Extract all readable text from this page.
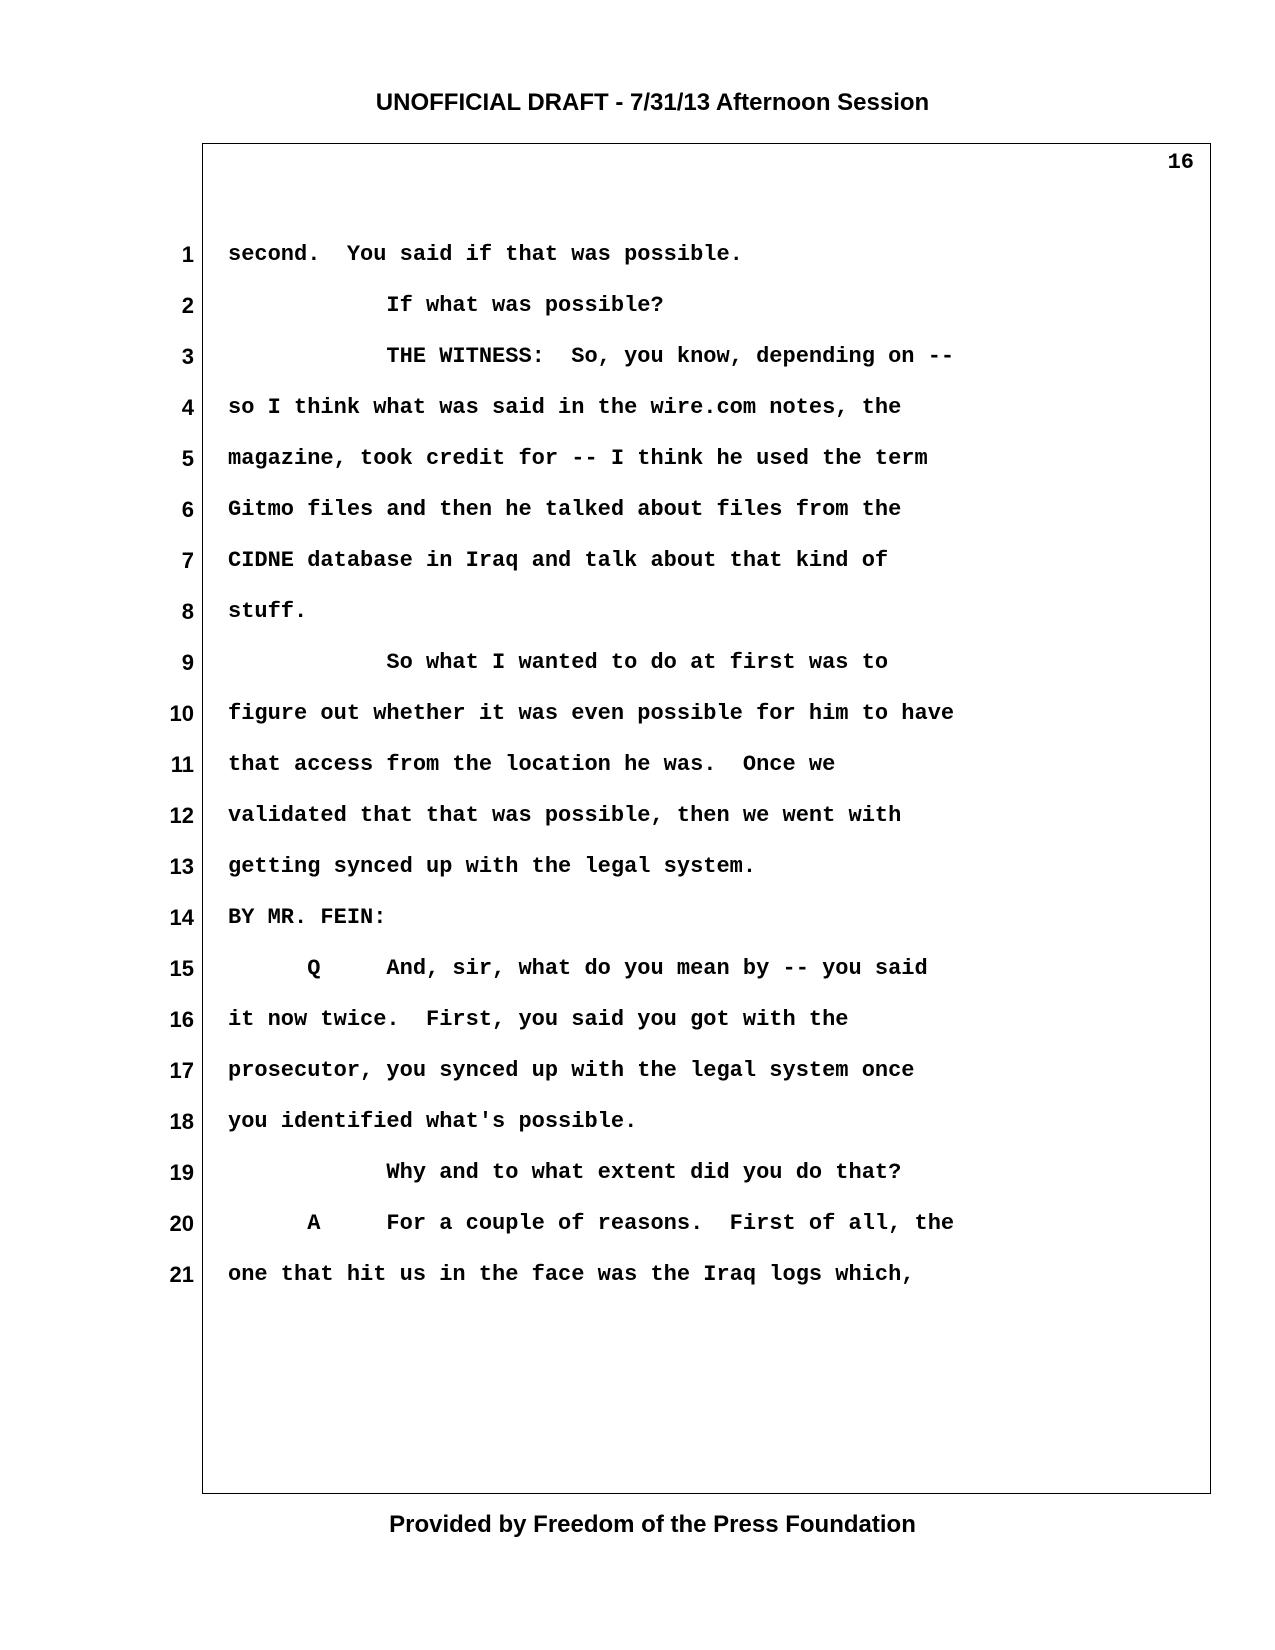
UNOFFICIAL DRAFT - 7/31/13 Afternoon Session
16
1 second.  You said if that was possible.
2 If what was possible?
3 THE WITNESS:  So, you know, depending on --
4 so I think what was said in the wire.com notes, the
5 magazine, took credit for -- I think he used the term
6 Gitmo files and then he talked about files from the
7 CIDNE database in Iraq and talk about that kind of
8 stuff.
9 So what I wanted to do at first was to
10 figure out whether it was even possible for him to have
11 that access from the location he was.  Once we
12 validated that that was possible, then we went with
13 getting synced up with the legal system.
14 BY MR. FEIN:
15 Q     And, sir, what do you mean by -- you said
16 it now twice.  First, you said you got with the
17 prosecutor, you synced up with the legal system once
18 you identified what's possible.
19 Why and to what extent did you do that?
20 A     For a couple of reasons.  First of all, the
21 one that hit us in the face was the Iraq logs which,

Provided by Freedom of the Press Foundation
